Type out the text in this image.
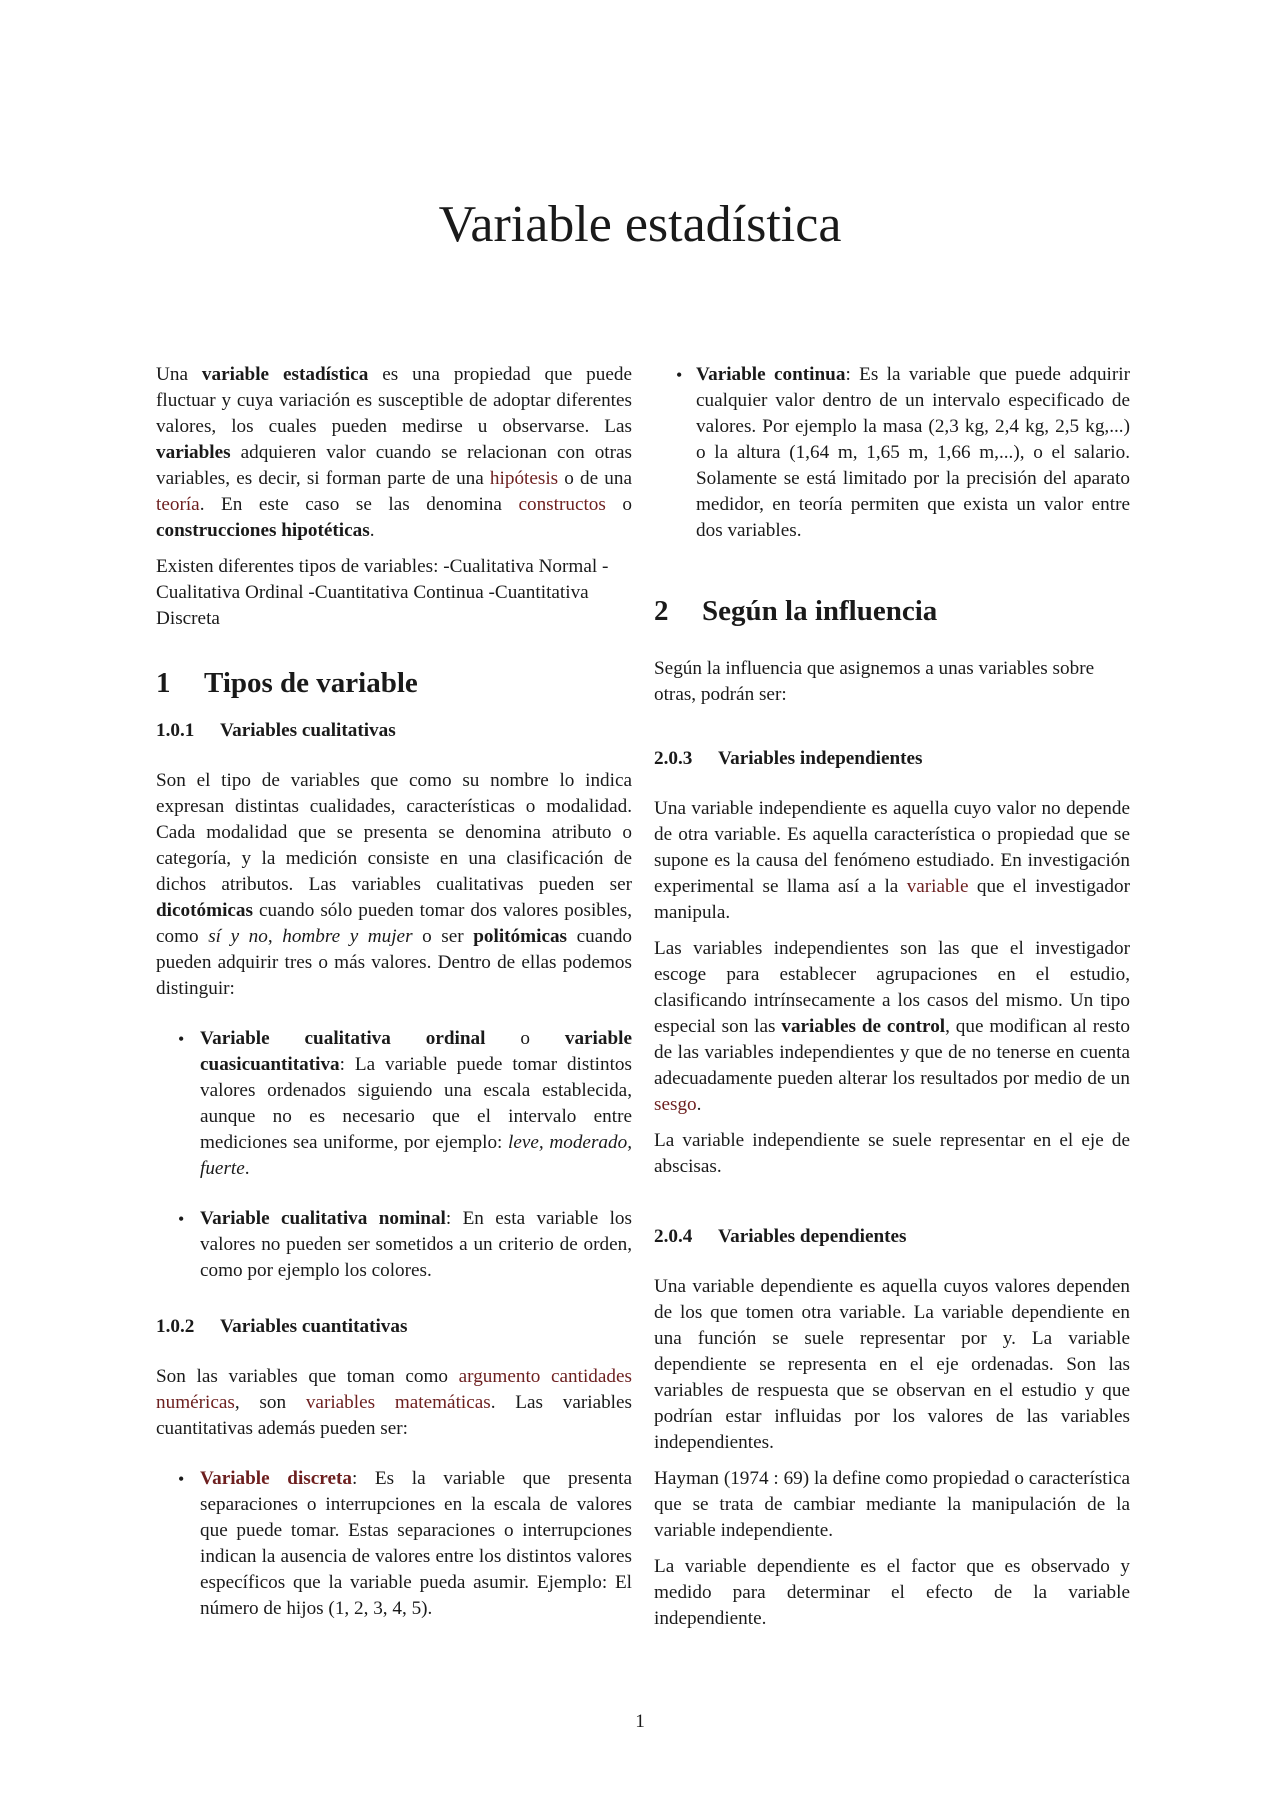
Variable estadística

Una variable estadística es una propiedad que puede fluctuar y cuya variación es susceptible de adoptar diferentes valores, los cuales pueden medirse u observarse. Las variables adquieren valor cuando se relacionan con otras variables, es decir, si forman parte de una hipótesis o de una teoría. En este caso se las denomina constructos o construcciones hipotéticas.

Existen diferentes tipos de variables: -Cualitativa Normal -Cualitativa Ordinal -Cuantitativa Continua -Cuantitativa Discreta

1 Tipos de variable
1.0.1 Variables cualitativas

Son el tipo de variables que como su nombre lo indica expresan distintas cualidades, características o modalidad. Cada modalidad que se presenta se denomina atributo o categoría, y la medición consiste en una clasificación de dichos atributos. Las variables cualitativas pueden ser dicotómicas cuando sólo pueden tomar dos valores posibles, como sí y no, hombre y mujer o ser politómicas cuando pueden adquirir tres o más valores. Dentro de ellas podemos distinguir:

• Variable cualitativa ordinal o variable cuasicuantitativa: La variable puede tomar distintos valores ordenados siguiendo una escala establecida, aunque no es necesario que el intervalo entre mediciones sea uniforme, por ejemplo: leve, moderado, fuerte.
• Variable cualitativa nominal: En esta variable los valores no pueden ser sometidos a un criterio de orden, como por ejemplo los colores.
1.0.2 Variables cuantitativas

Son las variables que toman como argumento cantidades numéricas, son variables matemáticas. Las variables cuantitativas además pueden ser:

• Variable discreta: Es la variable que presenta separaciones o interrupciones en la escala de valores que puede tomar. Estas separaciones o interrupciones indican la ausencia de valores entre los distintos valores específicos que la variable pueda asumir. Ejemplo: El número de hijos (1, 2, 3, 4, 5).
• Variable continua: Es la variable que puede adquirir cualquier valor dentro de un intervalo especificado de valores. Por ejemplo la masa (2,3 kg, 2,4 kg, 2,5 kg,...) o la altura (1,64 m, 1,65 m, 1,66 m,...), o el salario. Solamente se está limitado por la precisión del aparato medidor, en teoría permiten que exista un valor entre dos variables.
2 Según la influencia

Según la influencia que asignemos a unas variables sobre otras, podrán ser:

2.0.3 Variables independientes

Una variable independiente es aquella cuyo valor no depende de otra variable. Es aquella característica o propiedad que se supone es la causa del fenómeno estudiado. En investigación experimental se llama así a la variable que el investigador manipula.

Las variables independientes son las que el investigador escoge para establecer agrupaciones en el estudio, clasificando intrínsecamente a los casos del mismo. Un tipo especial son las variables de control, que modifican al resto de las variables independientes y que de no tenerse en cuenta adecuadamente pueden alterar los resultados por medio de un sesgo.

La variable independiente se suele representar en el eje de abscisas.

2.0.4 Variables dependientes

Una variable dependiente es aquella cuyos valores dependen de los que tomen otra variable. La variable dependiente en una función se suele representar por y. La variable dependiente se representa en el eje ordenadas. Son las variables de respuesta que se observan en el estudio y que podrían estar influidas por los valores de las variables independientes.

Hayman (1974 : 69) la define como propiedad o característica que se trata de cambiar mediante la manipulación de la variable independiente.

La variable dependiente es el factor que es observado y medido para determinar el efecto de la variable independiente.

1
